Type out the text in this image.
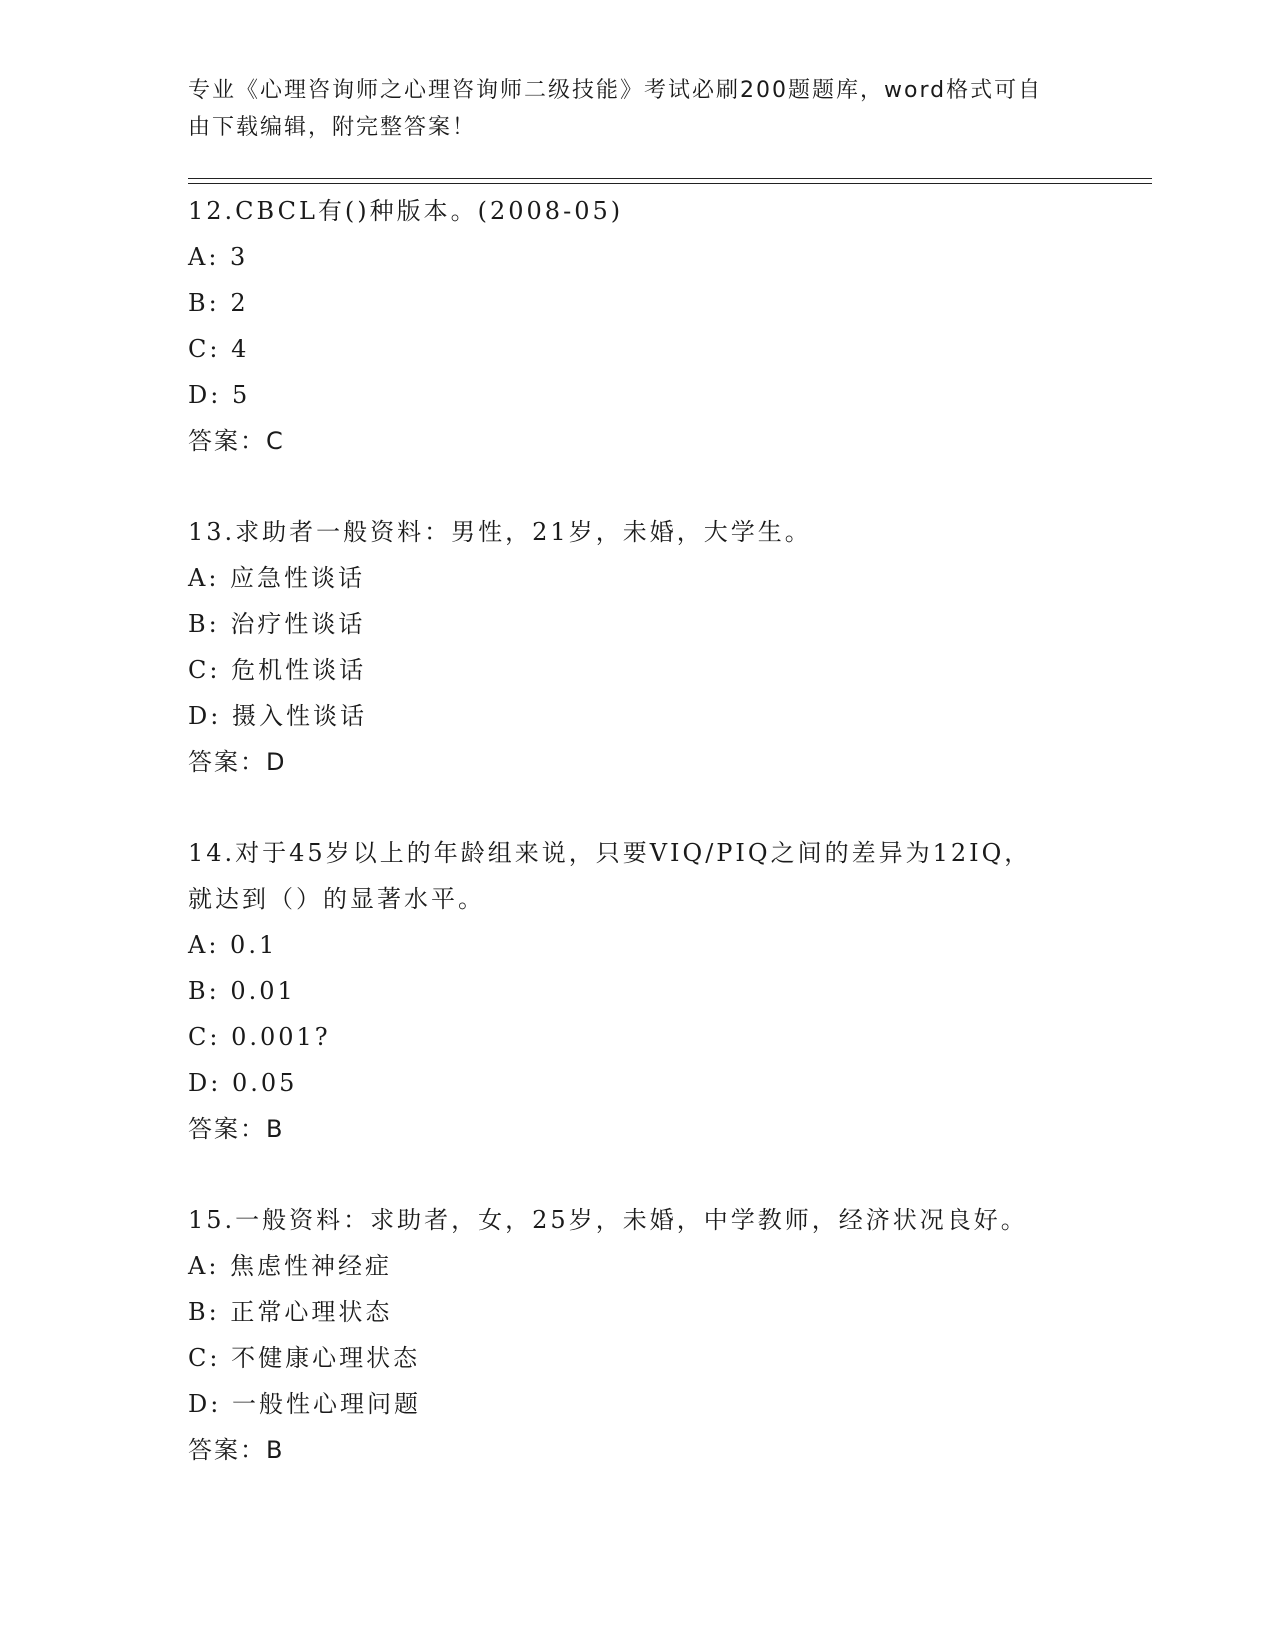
专业《心理咨询师之心理咨询师二级技能》考试必刷200题题库，word格式可自
由下载编辑，附完整答案！
12.CBCL有()种版本。(2008-05)
A: 3
B: 2
C: 4
D: 5
答案：C
13.求助者一般资料：男性，21岁，未婚，大学生。
A: 应急性谈话
B: 治疗性谈话
C: 危机性谈话
D: 摄入性谈话
答案：D
14.对于45岁以上的年龄组来说，只要VIQ/PIQ之间的差异为12IQ，
就达到（）的显著水平。
A: 0.1
B: 0.01
C: 0.001?
D: 0.05
答案：B
15.一般资料：求助者，女，25岁，未婚，中学教师，经济状况良好。
A: 焦虑性神经症
B: 正常心理状态
C: 不健康心理状态
D: 一般性心理问题
答案：B
